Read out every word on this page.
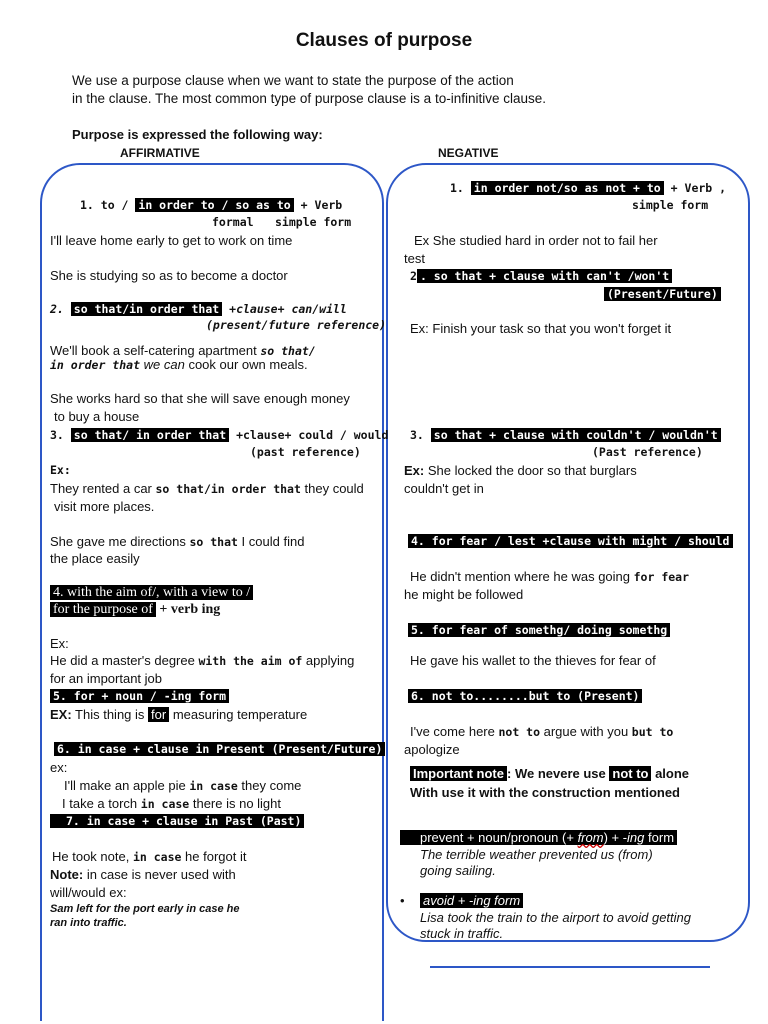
Clauses of purpose
We use a purpose clause when we want to state the purpose of the action
in the clause. The most common type of purpose clause is a to-infinitive clause.
Purpose is expressed the following way:
AFFIRMATIVE	NEGATIVE
1. to / in order to / so as to + Verb
formal simple form
I'll leave home early to get to work on time
She is studying so as to become a doctor
2. so that/in order that +clause+ can/will
(present/future reference)
We'll book a self-catering apartment so that/
in order that we can cook our own meals.
She works hard so that she will save enough money
to buy a house
3. so that/ in order that +clause+ could / would
(past reference)
Ex:
They rented a car so that/in order that they could
visit more places.
She gave me directions so that I could find
the place easily
4. with the aim of/, with a view to /
for the purpose of + verb ing
Ex:
He did a master's degree with the aim of applying
for an important job
5. for + noun / -ing form
EX: This thing is for measuring temperature
6. in case + clause in Present (Present/Future)
ex:
I'll make an apple pie in case they come
I take a torch in case there is no light
7. in case + clause in Past (Past)
He took note, in case he forgot it
Note: in case is never used with
will/would ex:
Sam left for the port early in case he
ran into traffic.
1. in order not/so as not + to + Verb ,
simple form
Ex She studied hard in order not to fail her
test
2 . so that + clause with can't /won't
(Present/Future)
Ex: Finish your task so that you won't forget it
3. so that + clause with couldn't / wouldn't
(Past reference)
Ex: She locked the door so that burglars
couldn't get in
4. for fear / lest +clause with might / should
He didn't mention where he was going for fear
he might be followed
5. for fear of somethg/ doing somethg
He gave his wallet to the thieves for fear of
6. not to........but to (Present)
I've come here not to argue with you but to
apologize
Important note : We nevere use not to alone
With use it with the construction mentioned
prevent + noun/pronoun (+ from) + -ing form
The terrible weather prevented us (from)
going sailing.
• avoid + -ing form
Lisa took the train to the airport to avoid getting
stuck in traffic.
